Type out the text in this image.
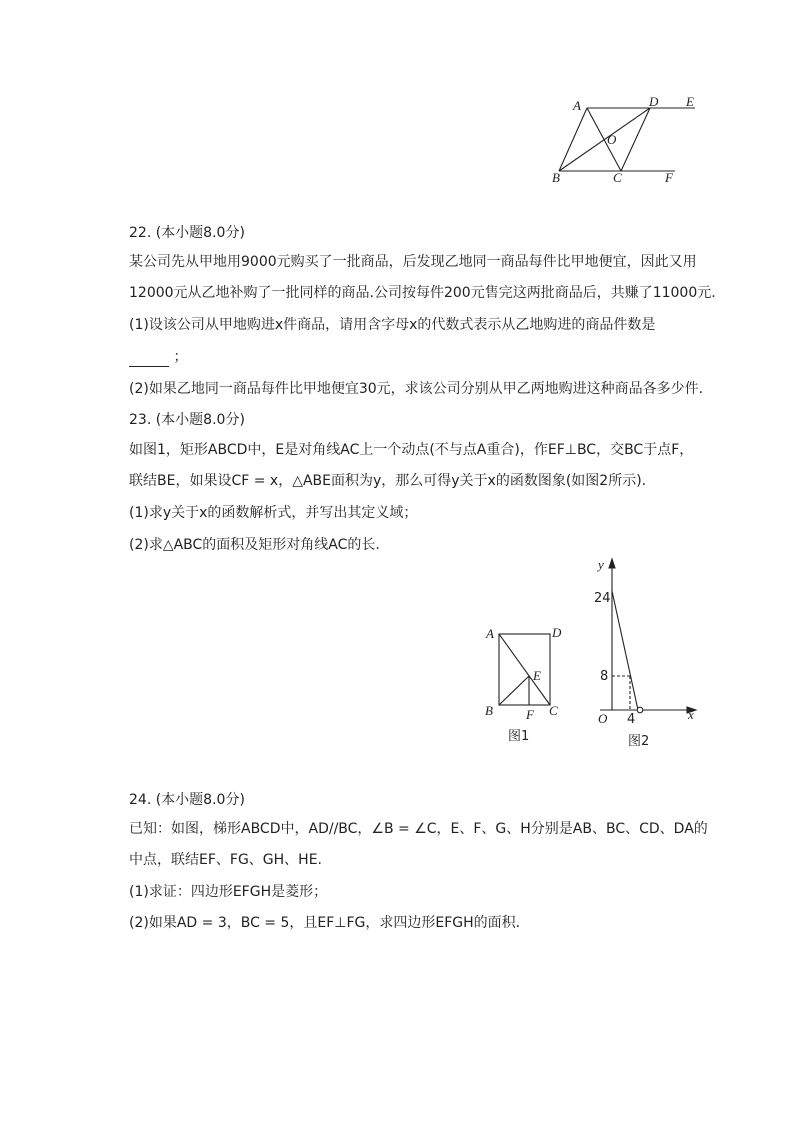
A	D E
O
B	C	F
22. (本小题8.0分)
某公司先从甲地用9000元购买了一批商品，后发现乙地同一商品每件比甲地便宜，因此又用
12000元从乙地补购了一批同样的商品.公司按每件200元售完这两批商品后，共赚了11000元.
(1)设该公司从甲地购进x件商品，请用含字母x的代数式表示从乙地购进的商品件数是
；
(2)如果乙地同一商品每件比甲地便宜30元，求该公司分别从甲乙两地购进这种商品各多少件.
23. (本小题8.0分)
如图1，矩形ABCD中，E是对角线AC上一个动点(不与点A重合)，作EF⊥BC，交BC于点F，
联结BE，如果设CF = x，△ABE面积为y，那么可得y关于x的函数图象(如图2所示).
(1)求y关于x的函数解析式，并写出其定义域；
(2)求△ABC的面积及矩形对角线AC的长.
A	D
E
B	F C
图1
y
x
O
24
8
4
图2
24. (本小题8.0分)
已知：如图，梯形ABCD中，AD//BC，∠B = ∠C，E、F、G、H分别是AB、BC、CD、DA的
中点，联结EF、FG、GH、HE.
(1)求证：四边形EFGH是菱形；
(2)如果AD = 3，BC = 5，且EF⊥FG，求四边形EFGH的面积.
